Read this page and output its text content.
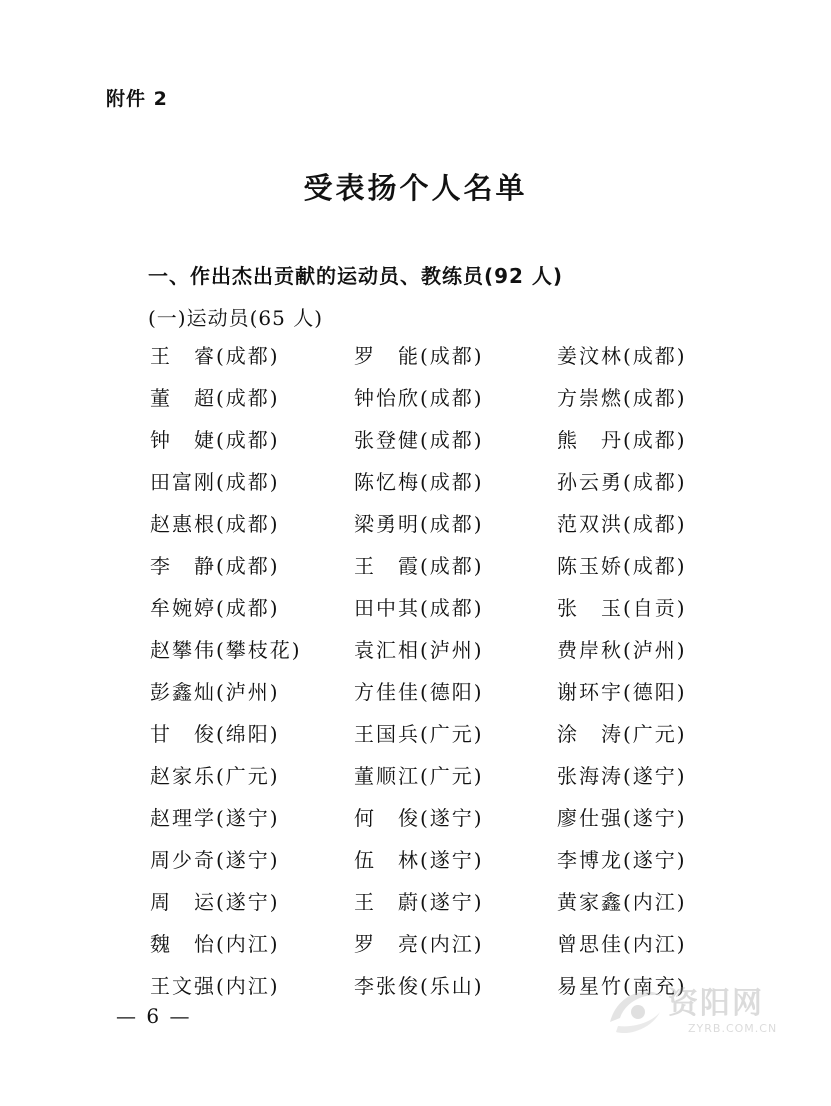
附件 2
受表扬个人名单
一、作出杰出贡献的运动员、教练员(92 人)
(一)运动员(65 人)
王　睿(成都)	罗　能(成都)	姜汶林(成都)
董　超(成都)	钟怡欣(成都)	方崇燃(成都)
钟　婕(成都)	张登健(成都)	熊　丹(成都)
田富刚(成都)	陈忆梅(成都)	孙云勇(成都)
赵惠根(成都)	梁勇明(成都)	范双洪(成都)
李　静(成都)	王　霞(成都)	陈玉娇(成都)
牟婉婷(成都)	田中其(成都)	张　玉(自贡)
赵攀伟(攀枝花)	袁汇相(泸州)	费岸秋(泸州)
彭鑫灿(泸州)	方佳佳(德阳)	谢环宇(德阳)
甘　俊(绵阳)	王国兵(广元)	涂　涛(广元)
赵家乐(广元)	董顺江(广元)	张海涛(遂宁)
赵理学(遂宁)	何　俊(遂宁)	廖仕强(遂宁)
周少奇(遂宁)	伍　林(遂宁)	李博龙(遂宁)
周　运(遂宁)	王　蔚(遂宁)	黄家鑫(内江)
魏　怡(内江)	罗　亮(内江)	曾思佳(内江)
王文强(内江)	李张俊(乐山)	易星竹(南充)
— 6 —	资阳网
ZYRB.COM.CN
